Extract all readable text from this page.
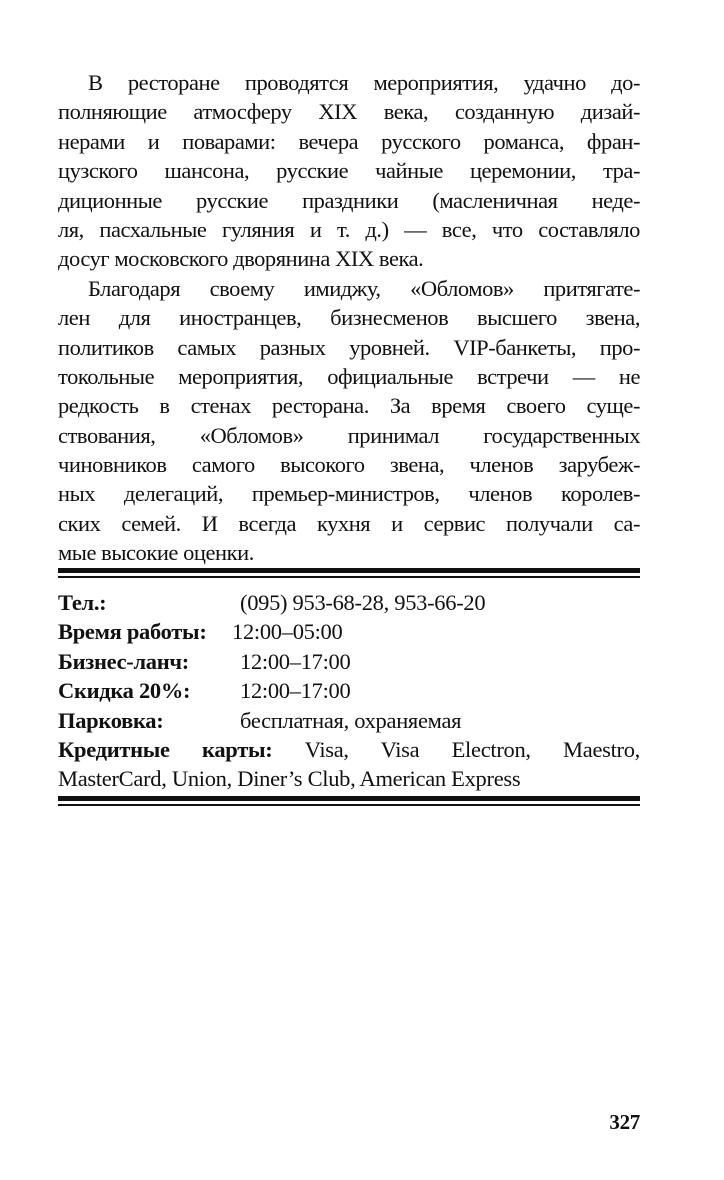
В ресторане проводятся мероприятия, удачно до-
полняющие атмосферу XIX века, созданную дизай-
нерами и поварами: вечера русского романса, фран-
цузского шансона, русские чайные церемонии, тра-
диционные русские праздники (масленичная неде-
ля, пасхальные гуляния и т. д.) — все, что составляло
досуг московского дворянина XIX века.
Благодаря своему имиджу, «Обломов» притягате-
лен для иностранцев, бизнесменов высшего звена,
политиков самых разных уровней. VIP-банкеты, про-
токольные мероприятия, официальные встречи — не
редкость в стенах ресторана. За время своего суще-
ствования, «Обломов» принимал государственных
чиновников самого высокого звена, членов зарубеж-
ных делегаций, премьер-министров, членов королев-
ских семей. И всегда кухня и сервис получали са-
мые высокие оценки.
Тел.:	(095) 953-68-28, 953-66-20
Время работы: 12:00–05:00
Бизнес-ланч: 12:00–17:00
Скидка 20%: 12:00–17:00
Парковка:	бесплатная, охраняемая
Кредитные карты: Visa, Visa Electron, Maestro,
MasterCard, Union, Diner’s Club, American Express
327
